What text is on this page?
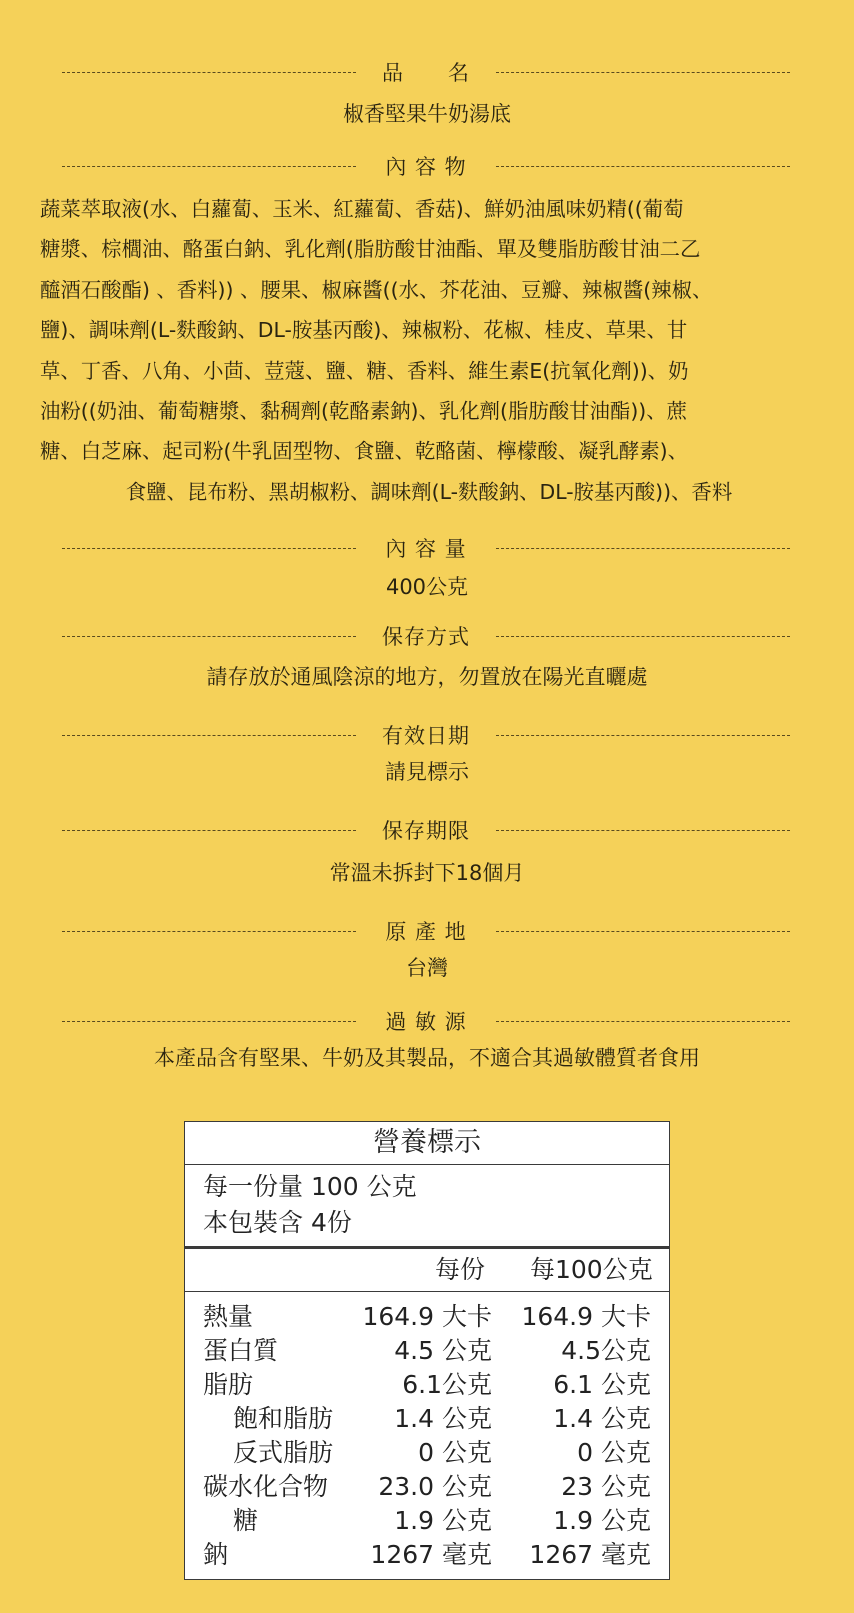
品　　名
椒香堅果牛奶湯底
內 容 物
蔬菜萃取液(水、白蘿蔔、玉米、紅蘿蔔、香菇)、鮮奶油風味奶精((葡萄
糖漿、棕櫚油、酪蛋白鈉、乳化劑(脂肪酸甘油酯、單及雙脂肪酸甘油二乙
醯酒石酸酯) 、香料)) 、腰果、椒麻醬((水、芥花油、豆瓣、辣椒醬(辣椒、
鹽)、調味劑(L-麩酸鈉、DL-胺基丙酸)、辣椒粉、花椒、桂皮、草果、甘
草、丁香、八角、小茴、荳蔻、鹽、糖、香料、維生素E(抗氧化劑))、奶
油粉((奶油、葡萄糖漿、黏稠劑(乾酪素鈉)、乳化劑(脂肪酸甘油酯))、蔗
糖、白芝麻、起司粉(牛乳固型物、食鹽、乾酪菌、檸檬酸、凝乳酵素)、
食鹽、昆布粉、黑胡椒粉、調味劑(L-麩酸鈉、DL-胺基丙酸))、香料
內 容 量
400公克
保存方式
請存放於通風陰涼的地方，勿置放在陽光直曬處
有效日期
請見標示
保存期限
常溫未拆封下18個月
原 產 地
台灣
過 敏 源
本產品含有堅果、牛奶及其製品，不適合其過敏體質者食用
營養標示
每一份量 100 公克
本包裝含 4份
每份 每100公克
熱量	164.9 大卡 164.9 大卡
蛋白質	4.5 公克	4.5公克
脂肪	6.1公克 6.1 公克
飽和脂肪 1.4 公克 1.4 公克
反式脂肪	0 公克	0 公克
碳水化合物 23.0 公克	23 公克
糖	1.9 公克 1.9 公克
鈉	1267 毫克 1267 毫克
